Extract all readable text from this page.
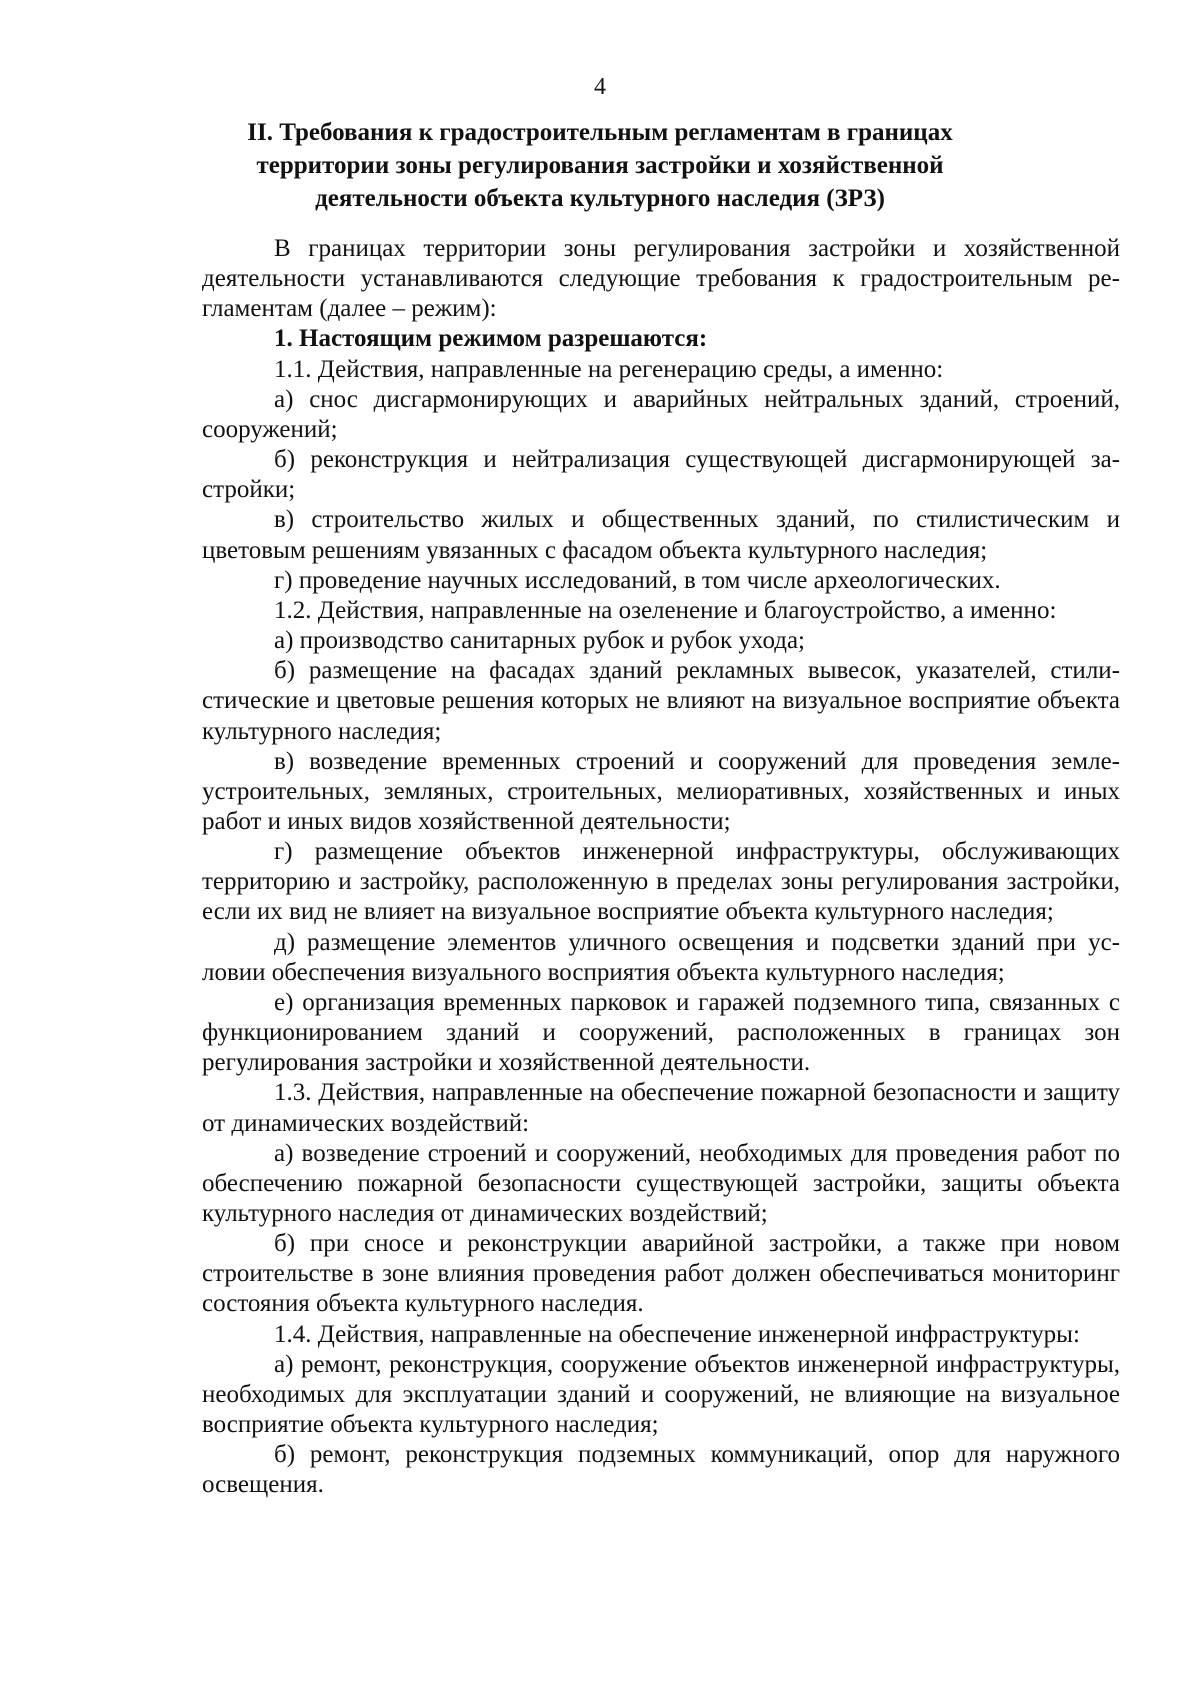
4
II. Требования к градостроительным регламентам в границах
территории зоны регулирования застройки и хозяйственной
деятельности объекта культурного наследия (ЗРЗ)

В границах территории зоны регулирования застройки и хозяйственной деятельности устанавливаются следующие требования к градостроительным регламентам (далее – режим):

1. Настоящим режимом разрешаются:

1.1. Действия, направленные на регенерацию среды, а именно:

а) снос дисгармонирующих и аварийных нейтральных зданий, строений, сооружений;

б) реконструкция и нейтрализация существующей дисгармонирующей застройки;

в) строительство жилых и общественных зданий, по стилистическим и цветовым решениям увязанных с фасадом объекта культурного наследия;

г) проведение научных исследований, в том числе археологических.

1.2. Действия, направленные на озеленение и благоустройство, а именно:

а) производство санитарных рубок и рубок ухода;

б) размещение на фасадах зданий рекламных вывесок, указателей, стилистические и цветовые решения которых не влияют на визуальное восприятие объекта культурного наследия;

в) возведение временных строений и сооружений для проведения землеустроительных, земляных, строительных, мелиоративных, хозяйственных и иных работ и иных видов хозяйственной деятельности;

г) размещение объектов инженерной инфраструктуры, обслуживающих территорию и застройку, расположенную в пределах зоны регулирования застройки, если их вид не влияет на визуальное восприятие объекта культурного наследия;

д) размещение элементов уличного освещения и подсветки зданий при условии обеспечения визуального восприятия объекта культурного наследия;

е) организация временных парковок и гаражей подземного типа, связанных с функционированием зданий и сооружений, расположенных в границах зон регулирования застройки и хозяйственной деятельности.

1.3. Действия, направленные на обеспечение пожарной безопасности и защиту от динамических воздействий:

а) возведение строений и сооружений, необходимых для проведения работ по обеспечению пожарной безопасности существующей застройки, защиты объекта культурного наследия от динамических воздействий;

б) при сносе и реконструкции аварийной застройки, а также при новом строительстве в зоне влияния проведения работ должен обеспечиваться мониторинг состояния объекта культурного наследия.

1.4. Действия, направленные на обеспечение инженерной инфраструктуры:

а) ремонт, реконструкция, сооружение объектов инженерной инфраструктуры, необходимых для эксплуатации зданий и сооружений, не влияющие на визуальное восприятие объекта культурного наследия;

б) ремонт, реконструкция подземных коммуникаций, опор для наружного освещения.
